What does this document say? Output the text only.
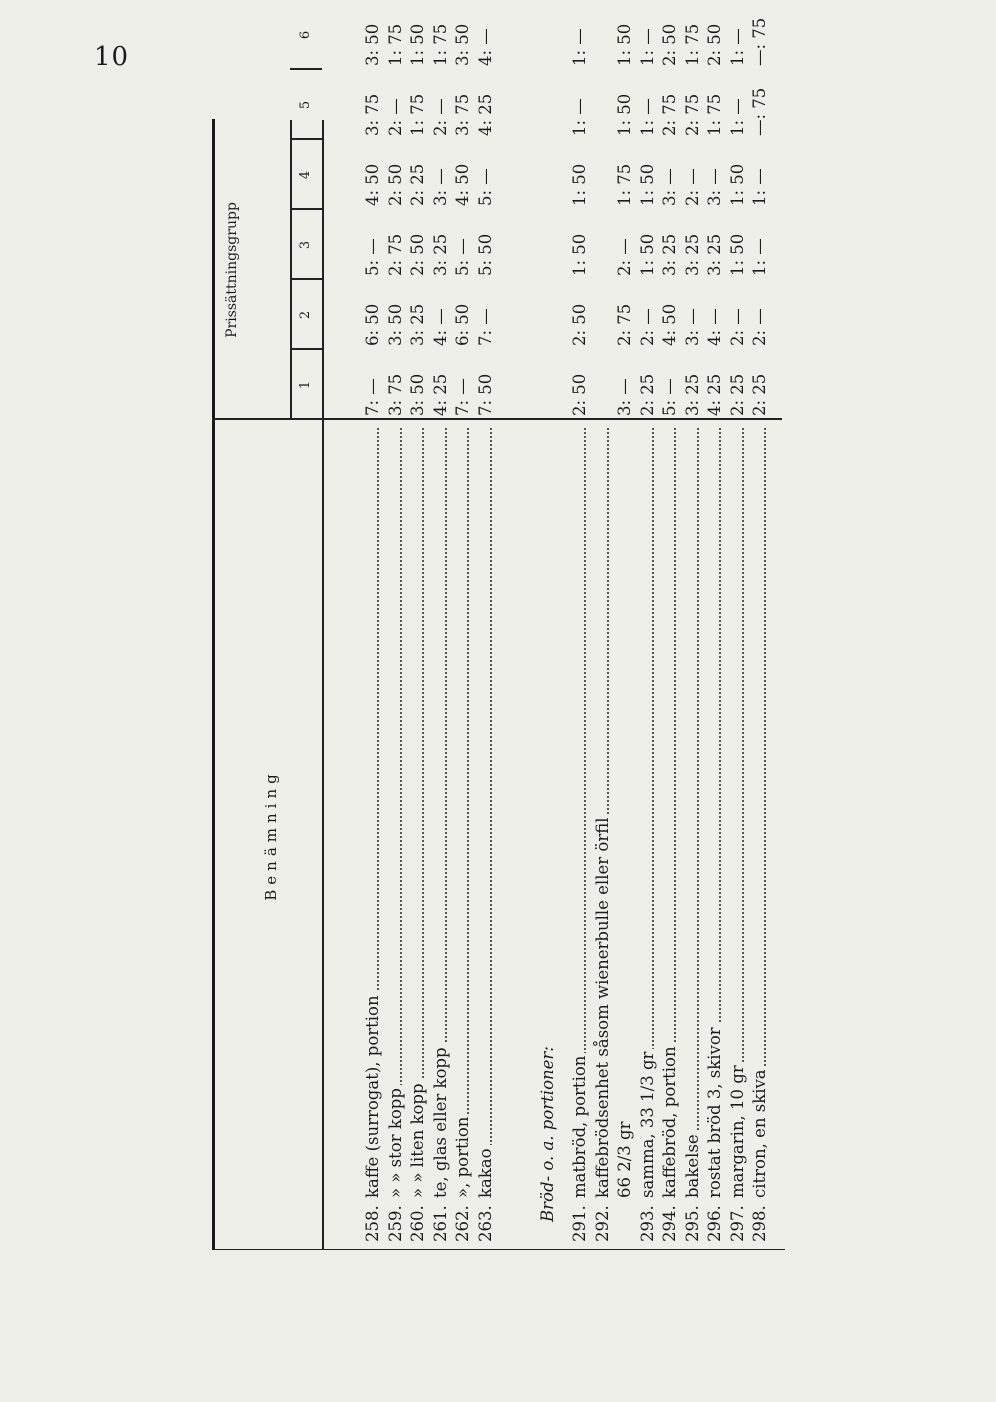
10
Benämning
Prissättningsgrupp
258.
kaffe (surrogat), portion
7: —
6: 50
5: —
4: 50
3: 75
3: 50
259.
» » stor kopp
3: 75
3: 50
2: 75
2: 50
2: —
1: 75
260.
» » liten kopp
3: 50
3: 25
2: 50
2: 25
1: 75
1: 50
261.
te, glas eller kopp
4: 25
4: —
3: 25
3: —
2: —
1: 75
262.
», portion
7: —
6: 50
5: —
4: 50
3: 75
3: 50
263.
kakao
7: 50
7: —
5: 50
5: —
4: 25
4: —
Bröd- o. a. portioner:
291.
matbröd, portion
2: 50
2: 50
1: 50
1: 50
1: —
1: —
292.
kaffebrödsenhet såsom wienerbulle eller örfil 66 2/3 gr
3: —
2: 75
2: —
1: 75
1: 50
1: 50
293.
samma, 33 1/3 gr
2: 25
2: —
1: 50
1: 50
1: —
1: —
294.
kaffebröd, portion
5: —
4: 50
3: 25
3: —
2: 75
2: 50
295.
bakelse
3: 25
3: —
3: 25
2: —
2: 75
1: 75
296.
rostat bröd 3, skivor
4: 25
4: —
3: 25
3: —
1: 75
2: 50
297.
margarin, 10 gr
2: 25
2: —
1: 50
1: 50
1: —
1: —
298.
citron, en skiva
2: 25
2: —
1: —
1: —
—: 75
—: 75
1
2
3
4
5
6
